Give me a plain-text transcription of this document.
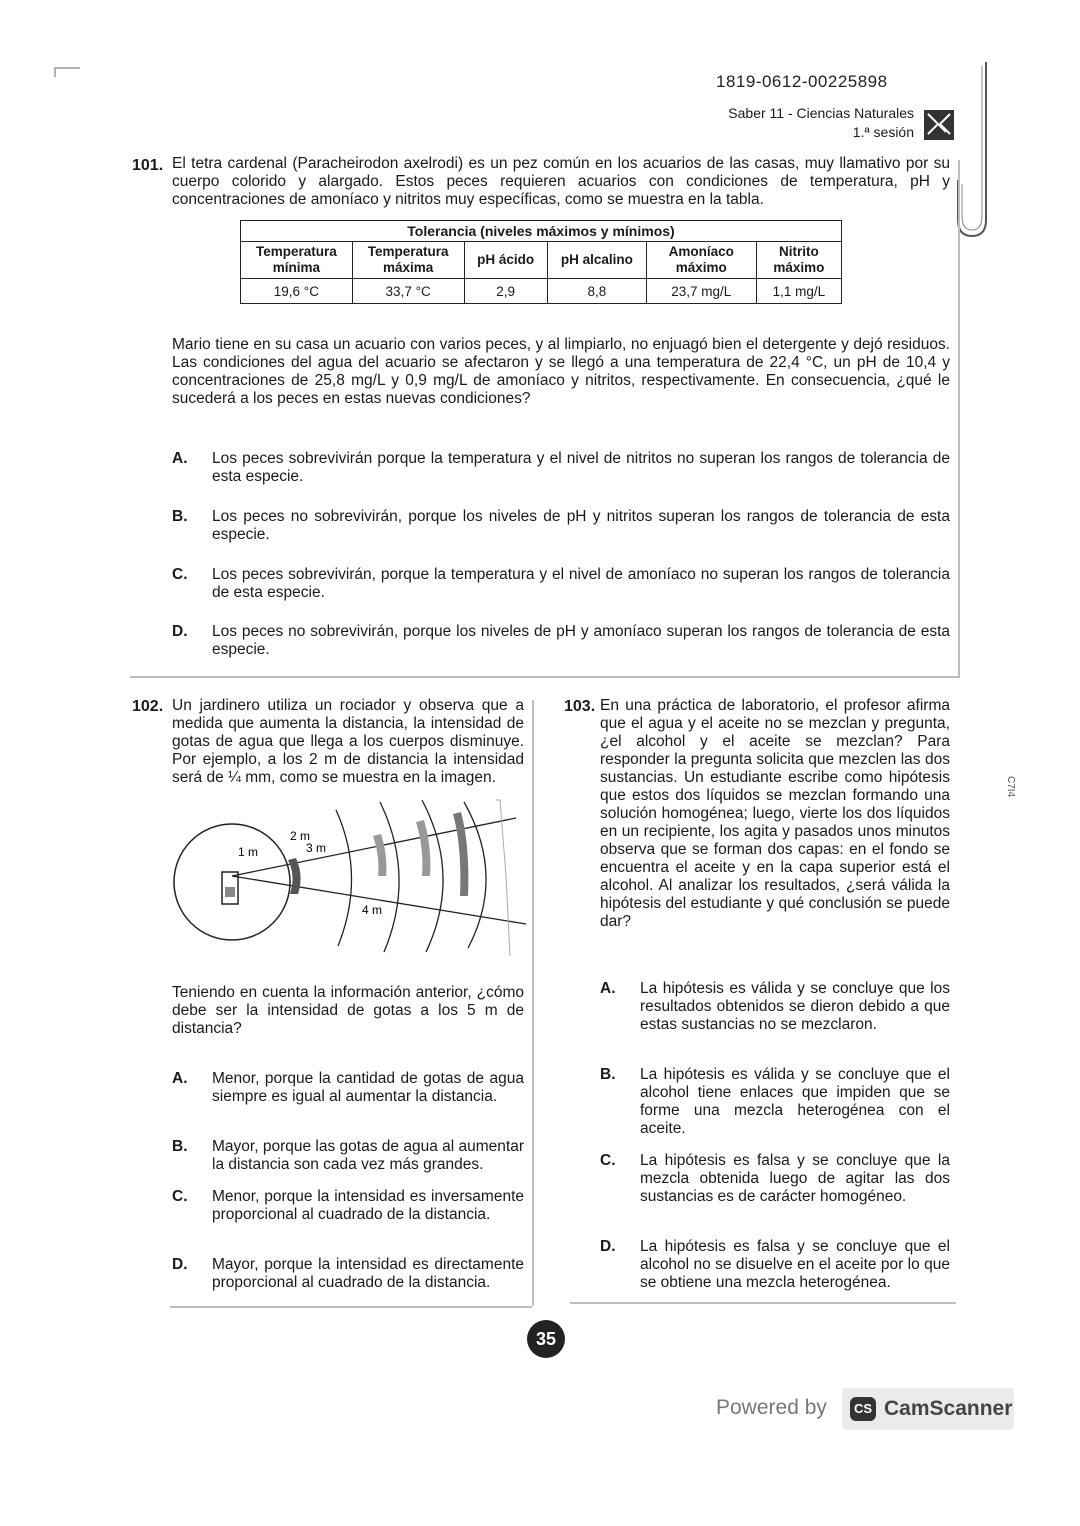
1819-0612-00225898
Saber 11 - Ciencias Naturales
1.ª sesión
101. El tetra cardenal (Paracheirodon axelrodi) es un pez común en los acuarios de las casas, muy llamativo por su cuerpo colorido y alargado. Estos peces requieren acuarios con condiciones de temperatura, pH y concentraciones de amoníaco y nitritos muy específicas, como se muestra en la tabla.
Tolerancia (niveles máximos y mínimos)					
Temperatura mínima	Temperatura máxima	pH ácido	pH alcalino	Amoníaco máximo	Nitrito máximo
19,6 °C	33,7 °C	2,9	8,8	23,7 mg/L	1,1 mg/L
Mario tiene en su casa un acuario con varios peces, y al limpiarlo, no enjuagó bien el detergente y dejó residuos. Las condiciones del agua del acuario se afectaron y se llegó a una temperatura de 22,4 °C, un pH de 10,4 y concentraciones de 25,8 mg/L y 0,9 mg/L de amoníaco y nitritos, respectivamente. En consecuencia, ¿qué le sucederá a los peces en estas nuevas condiciones?
A. Los peces sobrevivirán porque la temperatura y el nivel de nitritos no superan los rangos de tolerancia de esta especie.
B. Los peces no sobrevivirán, porque los niveles de pH y nitritos superan los rangos de tolerancia de esta especie.
C. Los peces sobrevivirán, porque la temperatura y el nivel de amoníaco no superan los rangos de tolerancia de esta especie.
D. Los peces no sobrevivirán, porque los niveles de pH y amoníaco superan los rangos de tolerancia de esta especie.
102. Un jardinero utiliza un rociador y observa que a medida que aumenta la distancia, la intensidad de gotas de agua que llega a los cuerpos disminuye. Por ejemplo, a los 2 m de distancia la intensidad será de ¼ mm, como se muestra en la imagen.
1 m
2 m
3 m
4 m
Teniendo en cuenta la información anterior, ¿cómo debe ser la intensidad de gotas a los 5 m de distancia?
A. Menor, porque la cantidad de gotas de agua siempre es igual al aumentar la distancia.
B. Mayor, porque las gotas de agua al aumentar la distancia son cada vez más grandes.
C. Menor, porque la intensidad es inversamente proporcional al cuadrado de la distancia.
D. Mayor, porque la intensidad es directamente proporcional al cuadrado de la distancia.
103. En una práctica de laboratorio, el profesor afirma que el agua y el aceite no se mezclan y pregunta, ¿el alcohol y el aceite se mezclan? Para responder la pregunta solicita que mezclen las dos sustancias. Un estudiante escribe como hipótesis que estos dos líquidos se mezclan formando una solución homogénea; luego, vierte los dos líquidos en un recipiente, los agita y pasados unos minutos observa que se forman dos capas: en el fondo se encuentra el aceite y en la capa superior está el alcohol. Al analizar los resultados, ¿será válida la hipótesis del estudiante y qué conclusión se puede dar?
A. La hipótesis es válida y se concluye que los resultados obtenidos se dieron debido a que estas sustancias no se mezclaron.
B. La hipótesis es válida y se concluye que el alcohol tiene enlaces que impiden que se forme una mezcla heterogénea con el aceite.
C. La hipótesis es falsa y se concluye que la mezcla obtenida luego de agitar las dos sustancias es de carácter homogéneo.
D. La hipótesis es falsa y se concluye que el alcohol no se disuelve en el aceite por lo que se obtiene una mezcla heterogénea.
35
C7I4
Powered by	CS CamScanner
